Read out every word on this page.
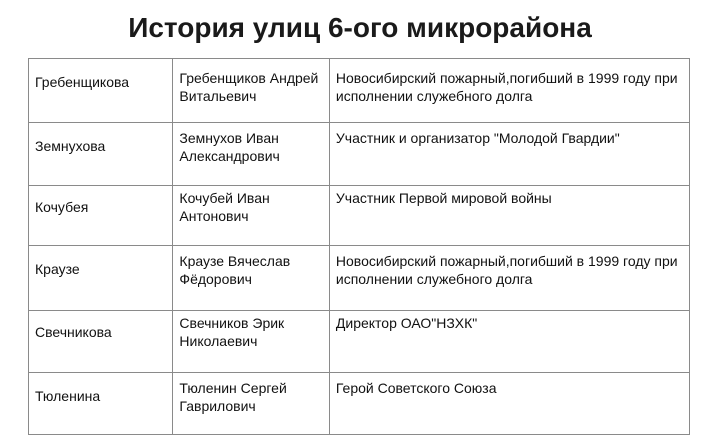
История улиц 6-ого микрорайона
Гребенщикова	Гребенщиков Андрей Витальевич	Новосибирский пожарный,погибший в 1999 году при исполнении служебного долга
Земнухова	Земнухов Иван Александрович	Участник и организатор "Молодой Гвардии"
Кочубея	Кочубей Иван Антонович	Участник Первой мировой войны
Краузе	Краузе Вячеслав Фёдорович	Новосибирский пожарный,погибший в 1999 году при исполнении служебного долга
Свечникова	Свечников Эрик Николаевич	Директор ОАО"НЗХК"
Тюленина	Тюленин Сергей Гаврилович	Герой Советского Союза
